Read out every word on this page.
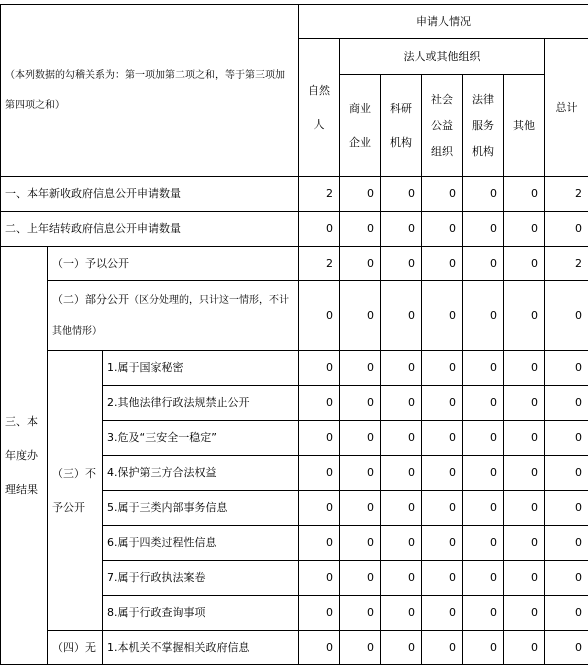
（本列数据的勾稽关系为：第一项加第二项之和，等于第三项加第四项之和）			申请人情况						
			自然人	法人或其他组织					总计
				商业企业	科研机构	社会公益组织	法律服务机构	其他	

一、本年新收政府信息公开申请数量			2	0	0	0	0	0	2
二、上年结转政府信息公开申请数量			0	0	0	0	0	0	0
三、本年度办理结果	（一）予以公开		2	0	0	0	0	0	2
	（二）部分公开（区分处理的，只计这一情形，不计其他情形）		0	0	0	0	0	0	0
	（三）不予公开	1.属于国家秘密	0	0	0	0	0	0	0
		2.其他法律行政法规禁止公开	0	0	0	0	0	0	0
		3.危及“三安全一稳定”	0	0	0	0	0	0	0
		4.保护第三方合法权益	0	0	0	0	0	0	0
		5.属于三类内部事务信息	0	0	0	0	0	0	0
		6.属于四类过程性信息	0	0	0	0	0	0	0
		7.属于行政执法案卷	0	0	0	0	0	0	0
		8.属于行政查询事项	0	0	0	0	0	0	0
	（四）无	1.本机关不掌握相关政府信息	0	0	0	0	0	0	0
